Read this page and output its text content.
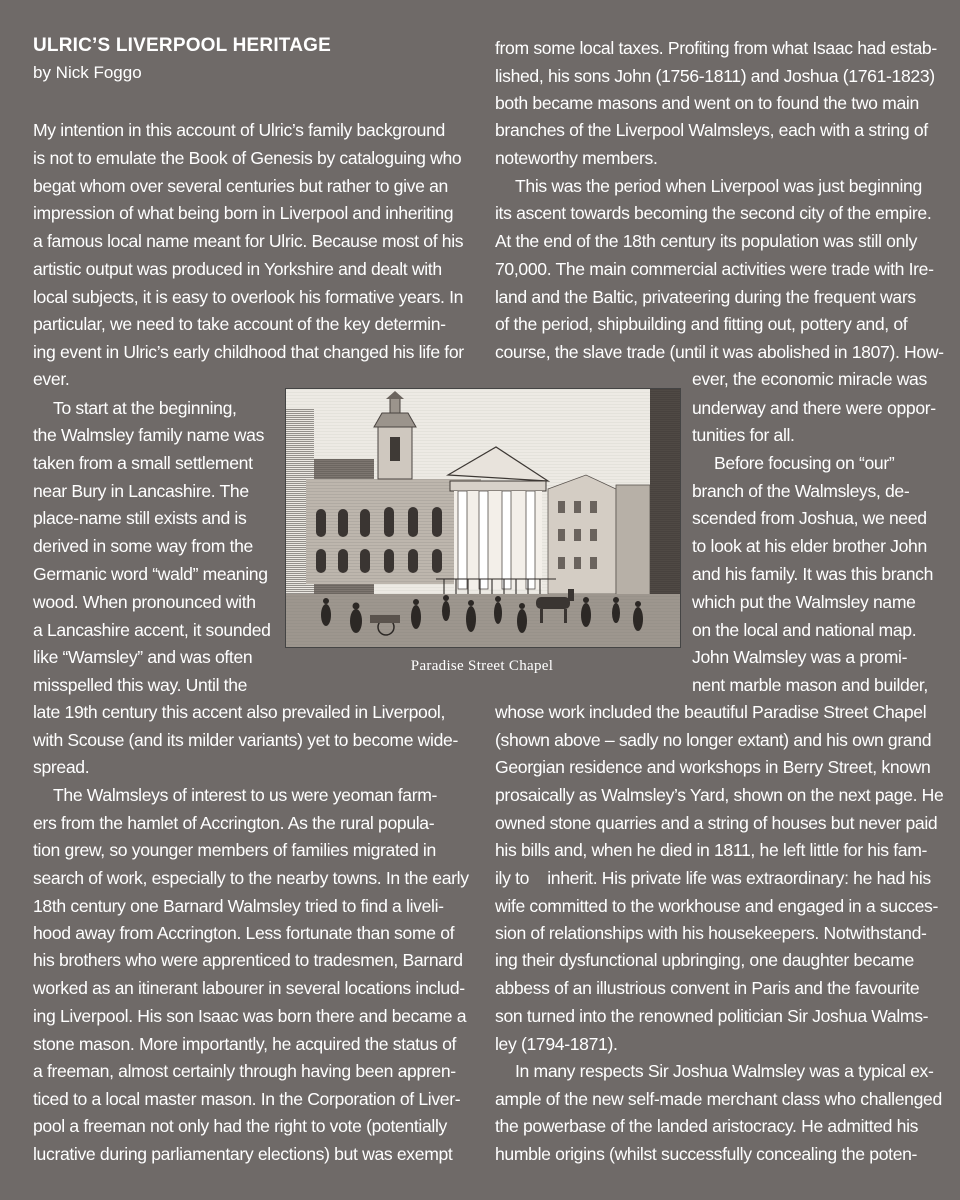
ULRIC’S LIVERPOOL HERITAGE
by Nick Foggo
My intention in this account of Ulric’s family background
is not to emulate the Book of Genesis by cataloguing who
begat whom over several centuries but rather to give an
impression of what being born in Liverpool and inheriting
a famous local name meant for Ulric. Because most of his
artistic output was produced in Yorkshire and dealt with
local subjects, it is easy to overlook his formative years. In
particular, we need to take account of the key determin-
ing event in Ulric’s early childhood that changed his life for
ever.
To start at the beginning,
the Walmsley family name was
taken from a small settlement
near Bury in Lancashire. The
place-name still exists and is
derived in some way from the
Germanic word “wald” meaning
wood. When pronounced with
a Lancashire accent, it sounded
like “Wamsley” and was often
misspelled this way. Until the
late 19th century this accent also prevailed in Liverpool,
with Scouse (and its milder variants) yet to become wide-
spread.
The Walmsleys of interest to us were yeoman farm-
ers from the hamlet of Accrington. As the rural popula-
tion grew, so younger members of families migrated in
search of work, especially to the nearby towns. In the early
18th century one Barnard Walmsley tried to find a liveli-
hood away from Accrington. Less fortunate than some of
his brothers who were apprenticed to tradesmen, Barnard
worked as an itinerant labourer in several locations includ-
ing Liverpool. His son Isaac was born there and became a
stone mason. More importantly, he acquired the status of
a freeman, almost certainly through having been appren-
ticed to a local master mason. In the Corporation of Liver-
pool a freeman not only had the right to vote (potentially
lucrative during parliamentary elections) but was exempt
from some local taxes. Profiting from what Isaac had estab-
lished, his sons John (1756-1811) and Joshua (1761-1823)
both became masons and went on to found the two main
branches of the Liverpool Walmsleys, each with a string of
noteworthy members.
This was the period when Liverpool was just beginning
its ascent towards becoming the second city of the empire.
At the end of the 18th century its population was still only
70,000. The main commercial activities were trade with Ire-
land and the Baltic, privateering during the frequent wars
of the period, shipbuilding and fitting out, pottery and, of
course, the slave trade (until it was abolished in 1807). How-
ever, the economic miracle was
underway and there were oppor-
tunities for all.
Before focusing on “our”
branch of the Walmsleys, de-
scended from Joshua, we need
to look at his elder brother John
and his family. It was this branch
which put the Walmsley name
on the local and national map.
John Walmsley was a promi-
nent marble mason and builder,
whose work included the beautiful Paradise Street Chapel
(shown above – sadly no longer extant) and his own grand
Georgian residence and workshops in Berry Street, known
prosaically as Walmsley’s Yard, shown on the next page. He
owned stone quarries and a string of houses but never paid
his bills and, when he died in 1811, he left little for his fam-
ily to    inherit. His private life was extraordinary: he had his
wife committed to the workhouse and engaged in a succes-
sion of relationships with his housekeepers. Notwithstand-
ing their dysfunctional upbringing, one daughter became
abbess of an illustrious convent in Paris and the favourite
son turned into the renowned politician Sir Joshua Walms-
ley (1794-1871).
In many respects Sir Joshua Walmsley was a typical ex-
ample of the new self-made merchant class who challenged
the powerbase of the landed aristocracy. He admitted his
humble origins (whilst successfully concealing the poten-
Paradise Street Chapel
